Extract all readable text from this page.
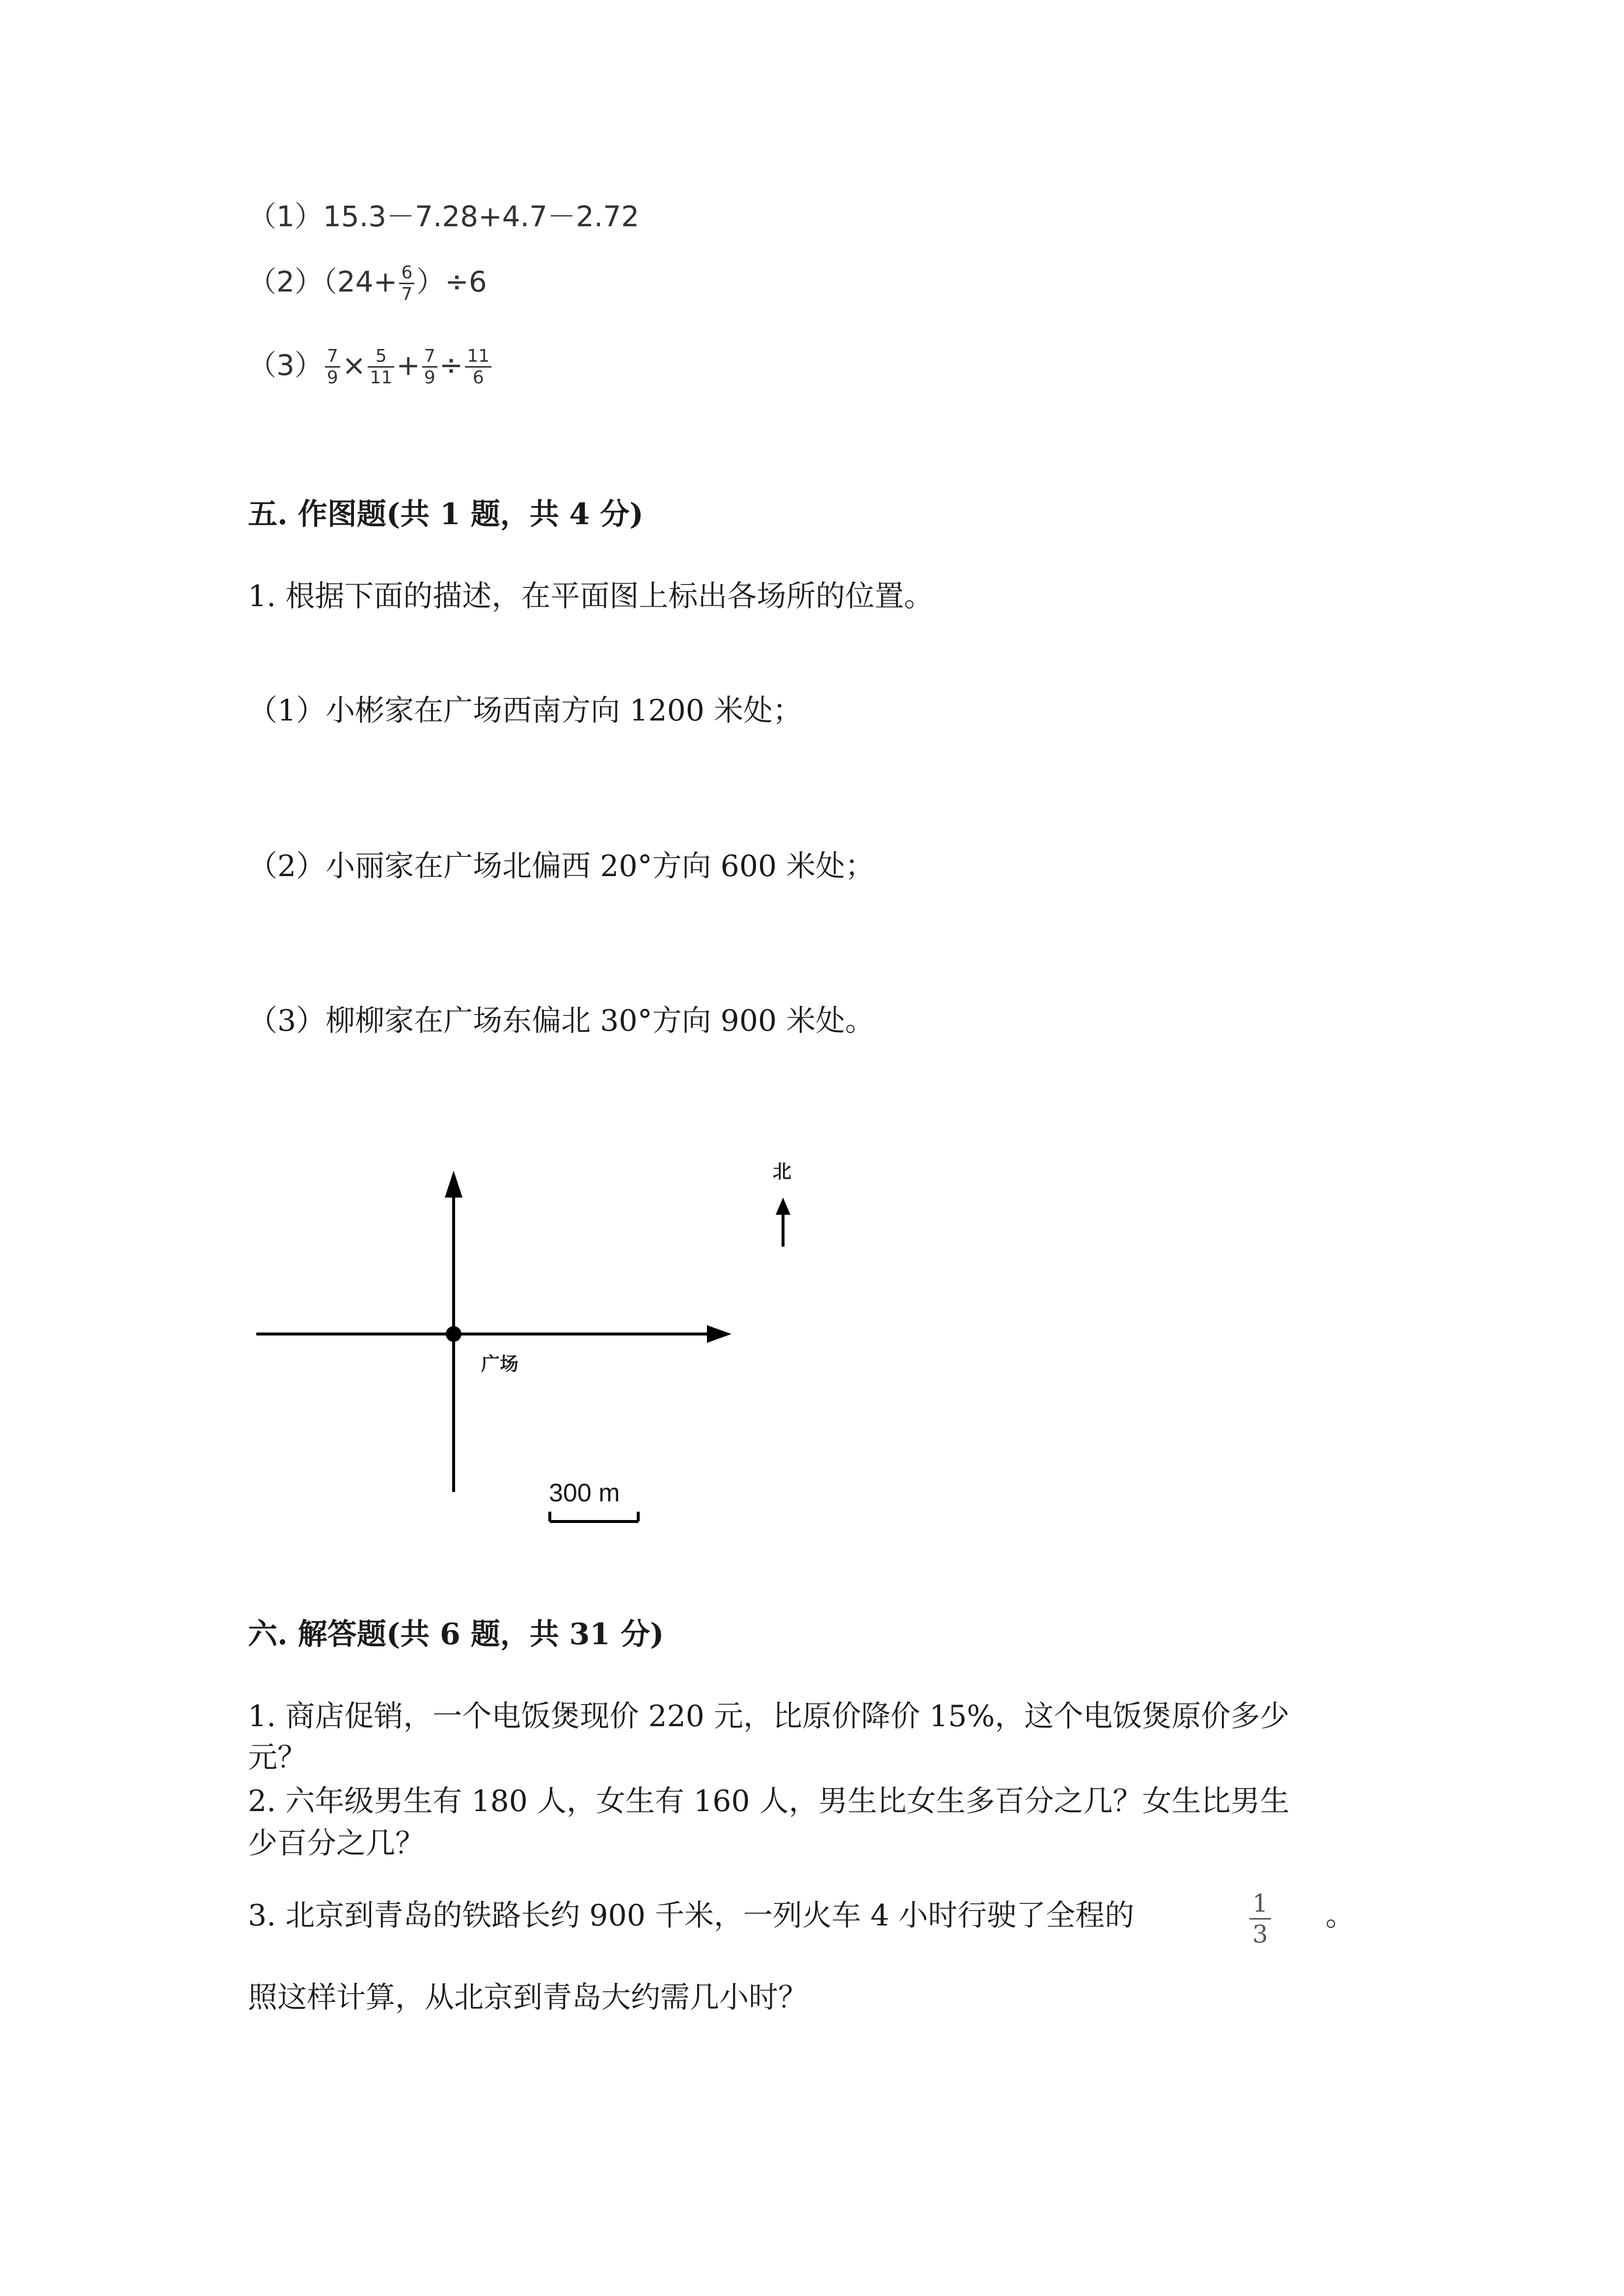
（1）15.3－7.28+4.7－2.72
$(2)(24+ \frac{6}{7} )\div 6$
$(3) \frac{7}{9} \times \frac{5}{11} + \frac{7}{9} \div \frac{11}{6}$
五. 作图题(共 1 题，共 4 分)
1. 根据下面的描述，在平面图上标出各场所的位置。
（1）小彬家在广场西南方向 1200 米处；
（2）小丽家在广场北偏西 20°方向 600 米处；
（3）柳柳家在广场东偏北 30°方向 900 米处。
北
广场
300 m
六. 解答题(共 6 题，共 31 分)
1. 商店促销，一个电饭煲现价 220 元，比原价降价 15%，这个电饭煲原价多少
元？
2. 六年级男生有 180 人，女生有 160 人，男生比女生多百分之几？女生比男生
少百分之几？
3. 北京到青岛的铁路长约 900 千米，一列火车 4 小时行驶了全程的	$\frac{1}{3}$ 。
照这样计算，从北京到青岛大约需几小时？
